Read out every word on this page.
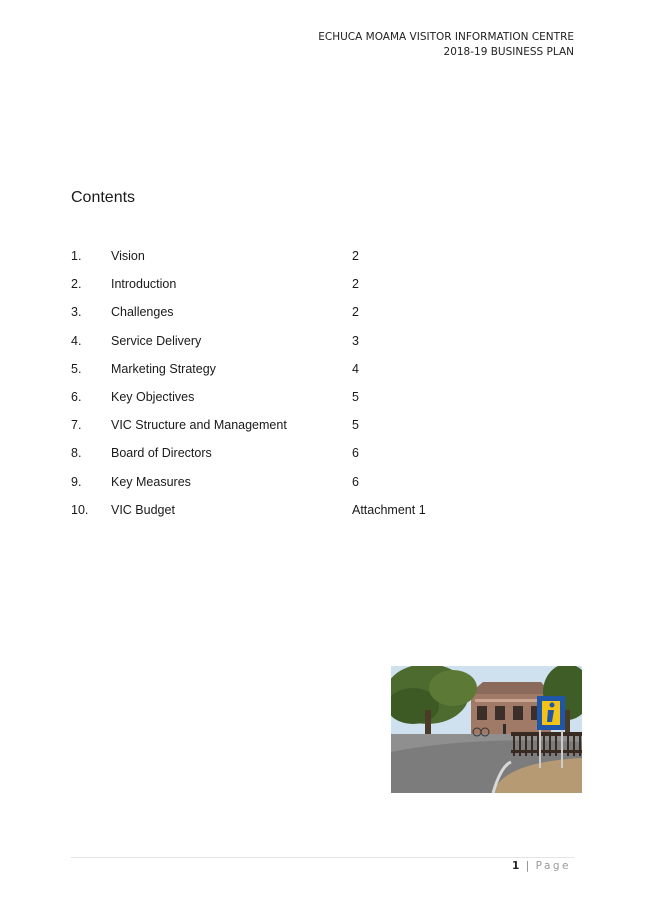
ECHUCA MOAMA VISITOR INFORMATION CENTRE
2018-19 BUSINESS PLAN
Contents
1. Vision	2
2. Introduction	2
3. Challenges	2
4. Service Delivery	3
5. Marketing Strategy	4
6. Key Objectives	5
7. VIC Structure and Management	5
8. Board of Directors	6
9. Key Measures	6
10. VIC Budget	Attachment 1
1 | Page
